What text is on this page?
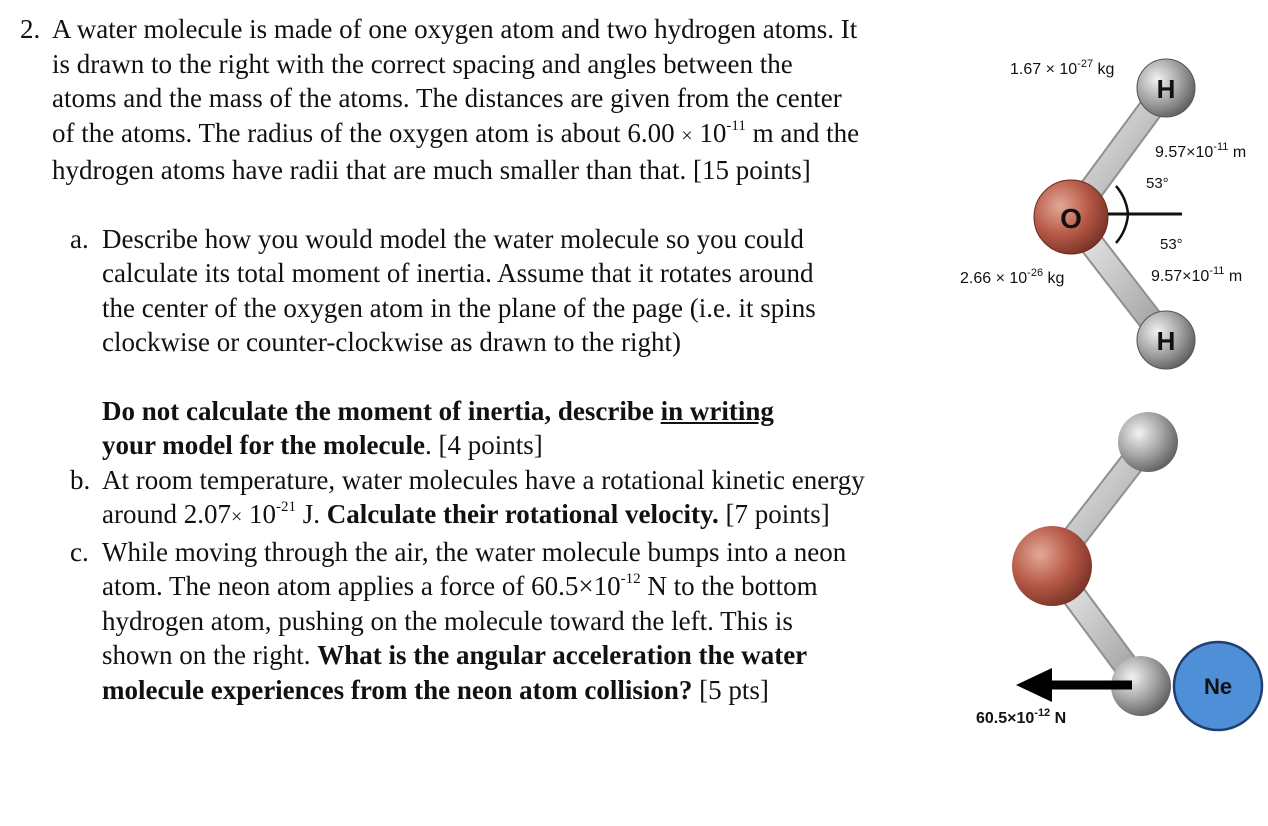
2. A water molecule is made of one oxygen atom and two hydrogen atoms. It
is drawn to the right with the correct spacing and angles between the
atoms and the mass of the atoms. The distances are given from the center
of the atoms. The radius of the oxygen atom is about $6.00 \times 10^{-11}$ m and the
hydrogen atoms have radii that are much smaller than that. [15 points]
a. Describe how you would model the water molecule so you could
calculate its total moment of inertia. Assume that it rotates around
the center of the oxygen atom in the plane of the page (i.e. it spins
clockwise or counter-clockwise as drawn to the right)
Do not calculate the moment of inertia, describe in writing
your model for the molecule. [4 points]
b. At room temperature, water molecules have a rotational kinetic energy
around $2.07\times 10^{-21}$ J. Calculate their rotational velocity. [7 points]
c. While moving through the air, the water molecule bumps into a neon
atom. The neon atom applies a force of $60.5\times 10^{-12}$ N to the bottom
hydrogen atom, pushing on the molecule toward the left. This is
shown on the right. What is the angular acceleration the water
molecule experiences from the neon atom collision? [5 pts]
O
H
H
$1.67 \times 10^{-27}$ kg
$9.57\times 10^{-11}$ m
53°
53°
$9.57\times 10^{-11}$ m
$2.66 \times 10^{-26}$ kg
Ne
$60.5\times 10^{-12}$ N
